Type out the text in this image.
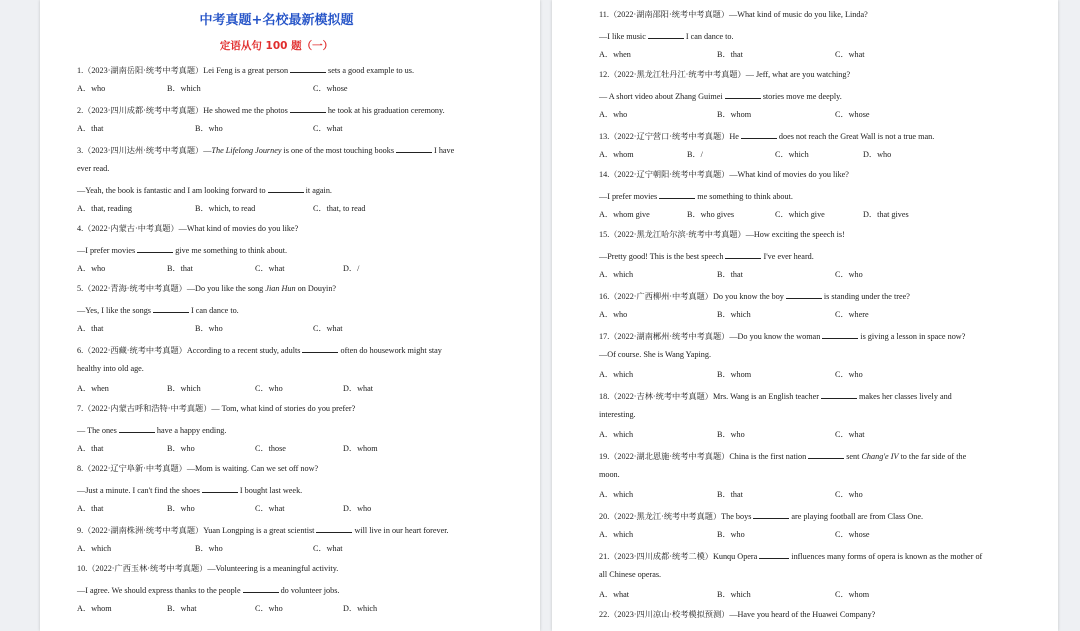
中考真题+名校最新模拟题
定语从句 100 题（一）
1.（2023·湖南岳阳·统考中考真题）Lei Feng is a great person	sets a good example to us.
A．who	B．which	C．whose
2.（2023·四川成都·统考中考真题）He showed me the photos	he took at his graduation ceremony.
A．that	B．who	C．what
3.（2023·四川达州·统考中考真题）—The Lifelong Journey is one of the most touching books	I have
ever read.
—Yeah, the book is fantastic and I am looking forward to	it again.
A．that, reading	B．which, to read	C．that, to read
4.（2022·内蒙古·中考真题）—What kind of movies do you like?
—I prefer movies	give me something to think about.
A．who	B．that	C．what	D．/
5.（2022·青海·统考中考真题）—Do you like the song Jian Hun on Douyin?
—Yes, I like the songs	I can dance to.
A．that	B．who	C．what
6.（2022·西藏·统考中考真题）According to a recent study, adults	often do housework might stay
healthy into old age.
A．when	B．which	C．who	D．what
7.（2022·内蒙古呼和浩特·中考真题）— Tom, what kind of stories do you prefer?
— The ones	have a happy ending.
A．that	B．who	C．those	D．whom
8.（2022·辽宁阜新·中考真题）—Mom is waiting. Can we set off now?
—Just a minute. I can't find the shoes	I bought last week.
A．that	B．who	C．what	D．who
9.（2022·湖南株洲·统考中考真题）Yuan Longping is a great scientist	will live in our heart forever.
A．which	B．who	C．what
10.（2022·广西玉林·统考中考真题）—Volunteering is a meaningful activity.
—I agree. We should express thanks to the people	do volunteer jobs.
A．whom	B．what	C．who	D．which
11.（2022·湖南邵阳·统考中考真题）—What kind of music do you like, Linda?
—I like music	I can dance to.
A．when	B．that	C．what
12.（2022·黑龙江牡丹江·统考中考真题）— Jeff, what are you watching?
— A short video about Zhang Guimei	stories move me deeply.
A．who	B．whom	C．whose
13.（2022·辽宁营口·统考中考真题）He	does not reach the Great Wall is not a true man.
A．whom	B．/	C．which	D．who
14.（2022·辽宁朝阳·统考中考真题）—What kind of movies do you like?
—I prefer movies	me something to think about.
A．whom give	B．who gives	C．which give	D．that gives
15.（2022·黑龙江哈尔滨·统考中考真题）—How exciting the speech is!
—Pretty good! This is the best speech	I've ever heard.
A．which	B．that	C．who
16.（2022·广西柳州·中考真题）Do you know the boy	is standing under the tree?
A．who	B．which	C．where
17.（2022·湖南郴州·统考中考真题）—Do you know the woman	is giving a lesson in space now?
—Of course. She is Wang Yaping.
A．which	B．whom	C．who
18.（2022·吉林·统考中考真题）Mrs. Wang is an English teacher	makes her classes lively and
interesting.
A．which	B．who	C．what
19.（2022·湖北恩施·统考中考真题）China is the first nation	sent Chang'e IV to the far side of the
moon.
A．which	B．that	C．who
20.（2022·黑龙江·统考中考真题）The boys	are playing football are from Class One.
A．which	B．who	C．whose
21.（2023·四川成都·统考二模）Kunqu Opera	influences many forms of opera is known as the mother of
all Chinese operas.
A．what	B．which	C．whom
22.（2023·四川凉山·校考模拟预测）—Have you heard of the Huawei Company?
